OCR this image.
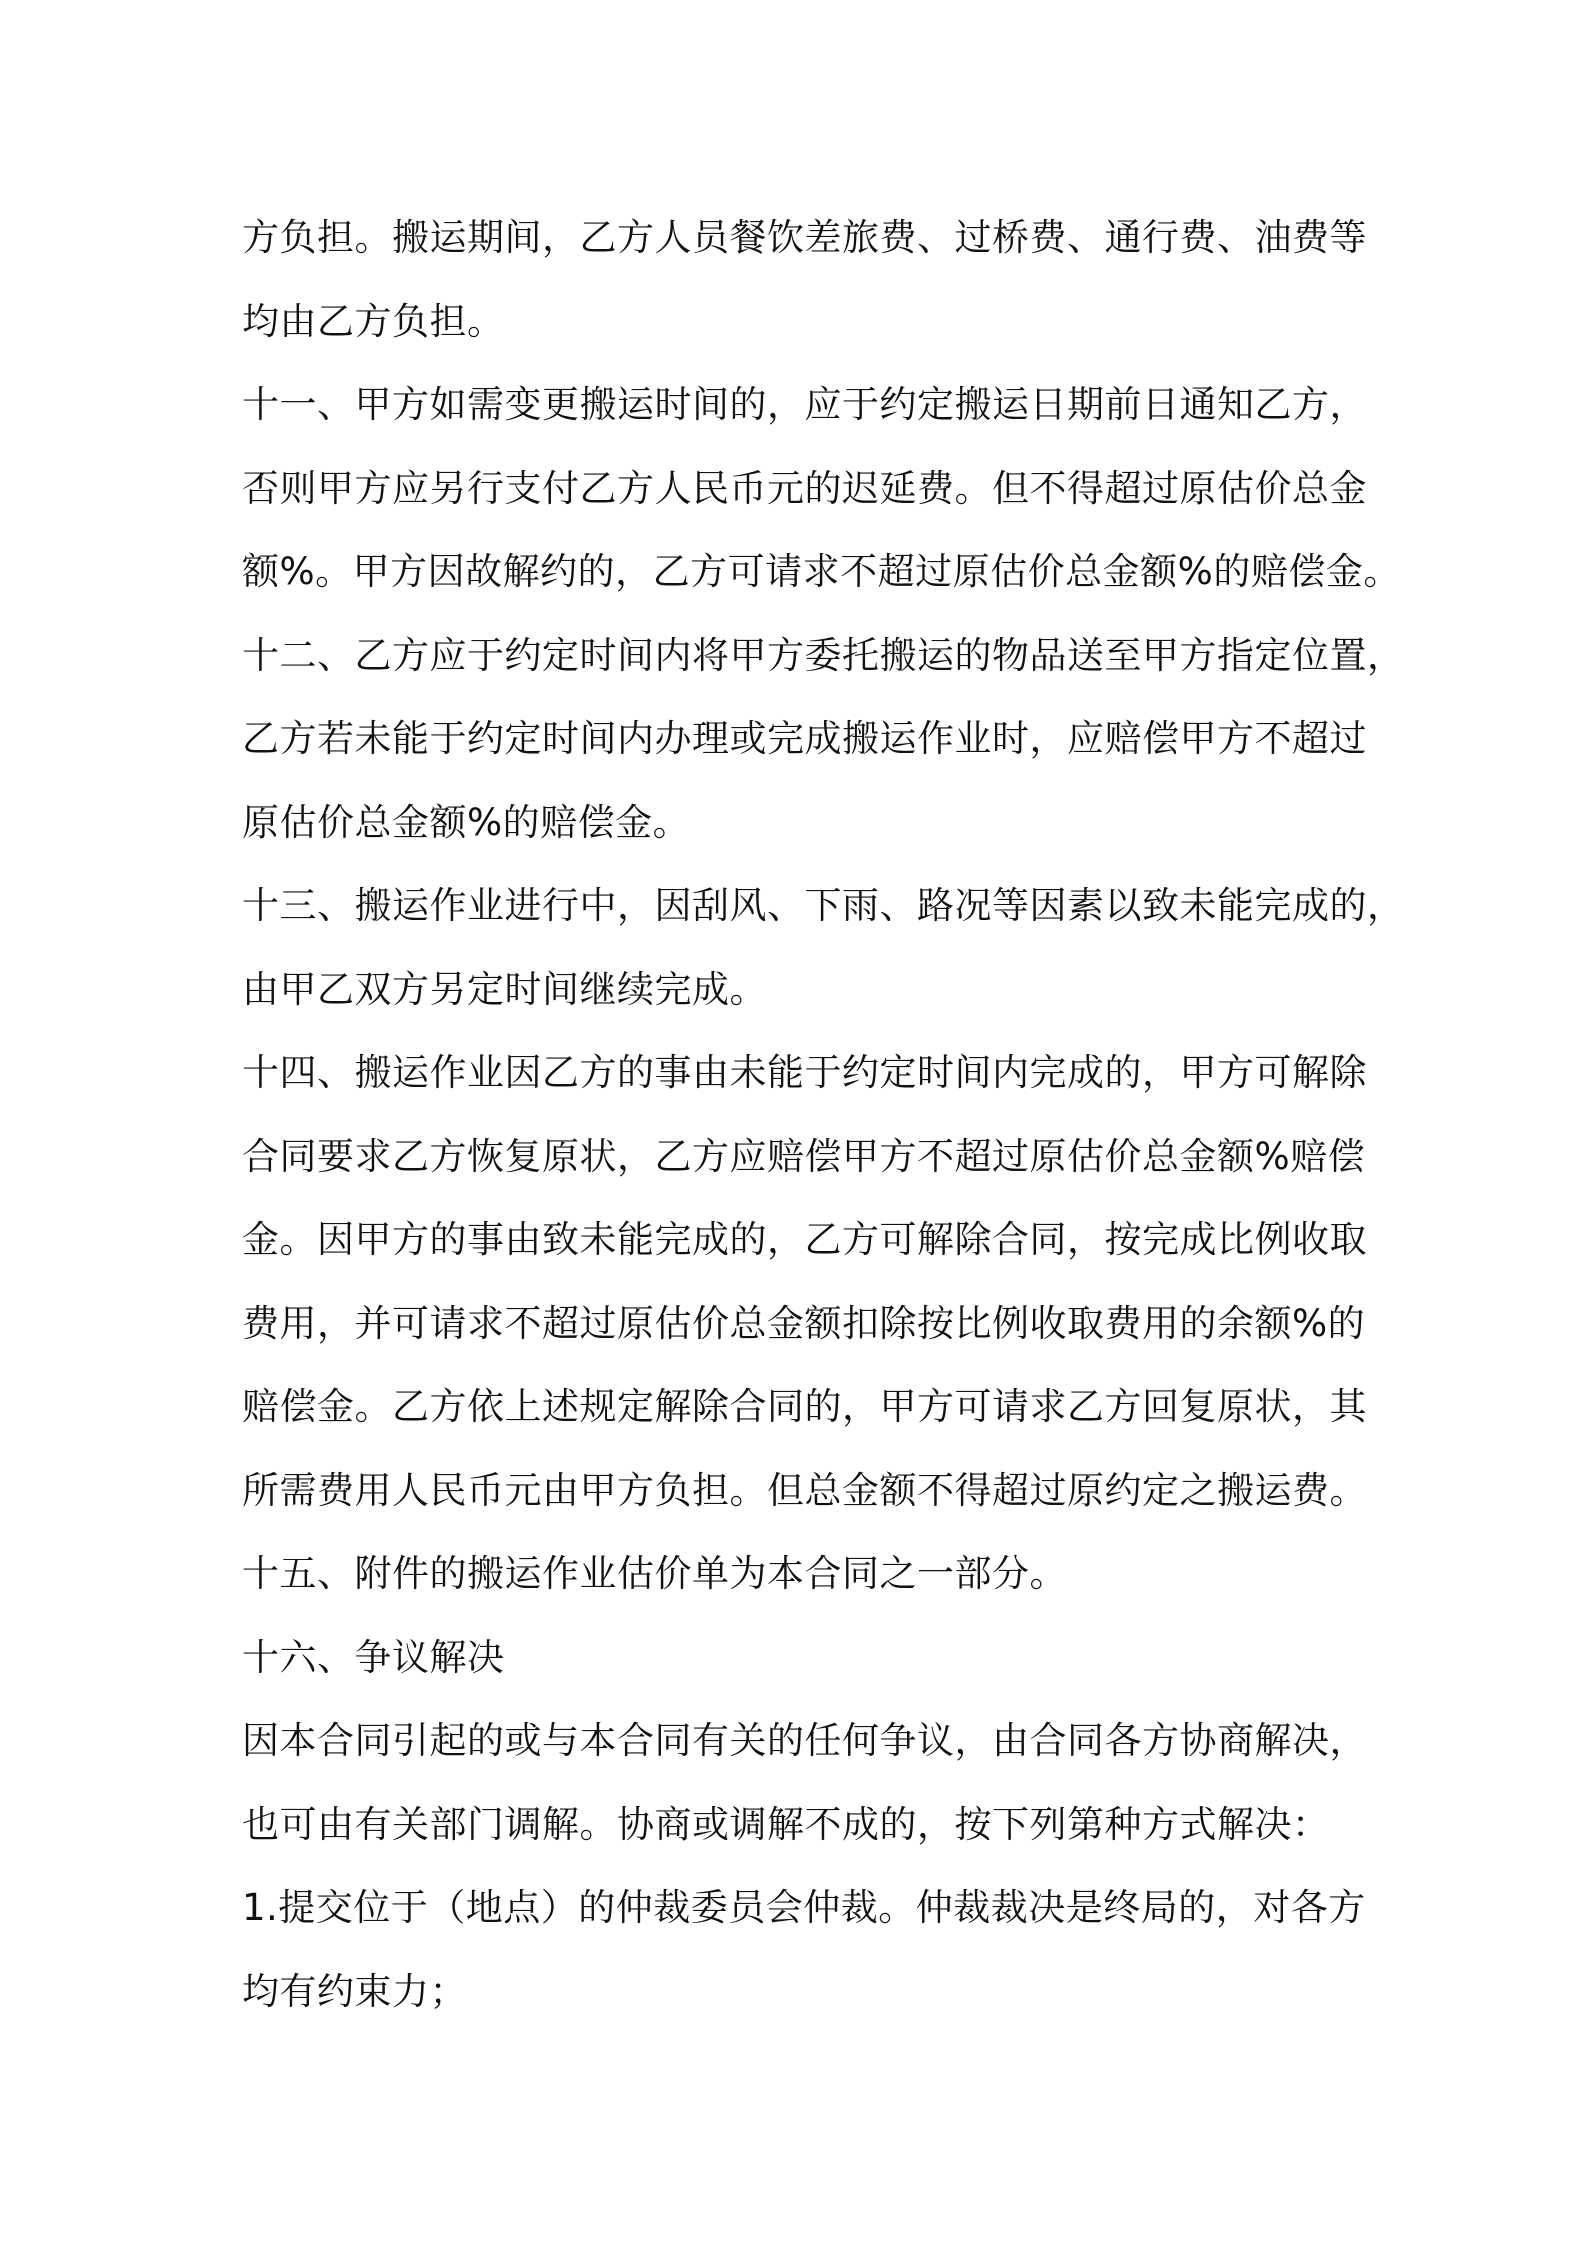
方负担。搬运期间，乙方人员餐饮差旅费、过桥费、通行费、油费等
均由乙方负担。
十一、甲方如需变更搬运时间的，应于约定搬运日期前日通知乙方，
否则甲方应另行支付乙方人民币元的迟延费。但不得超过原估价总金
额%。甲方因故解约的，乙方可请求不超过原估价总金额%的赔偿金。
十二、乙方应于约定时间内将甲方委托搬运的物品送至甲方指定位置，
乙方若未能于约定时间内办理或完成搬运作业时，应赔偿甲方不超过
原估价总金额%的赔偿金。
十三、搬运作业进行中，因刮风、下雨、路况等因素以致未能完成的，
由甲乙双方另定时间继续完成。
十四、搬运作业因乙方的事由未能于约定时间内完成的，甲方可解除
合同要求乙方恢复原状，乙方应赔偿甲方不超过原估价总金额%赔偿
金。因甲方的事由致未能完成的，乙方可解除合同，按完成比例收取
费用，并可请求不超过原估价总金额扣除按比例收取费用的余额%的
赔偿金。乙方依上述规定解除合同的，甲方可请求乙方回复原状，其
所需费用人民币元由甲方负担。但总金额不得超过原约定之搬运费。
十五、附件的搬运作业估价单为本合同之一部分。
十六、争议解决
因本合同引起的或与本合同有关的任何争议，由合同各方协商解决，
也可由有关部门调解。协商或调解不成的，按下列第种方式解决：
1.提交位于（地点）的仲裁委员会仲裁。仲裁裁决是终局的，对各方
均有约束力；
